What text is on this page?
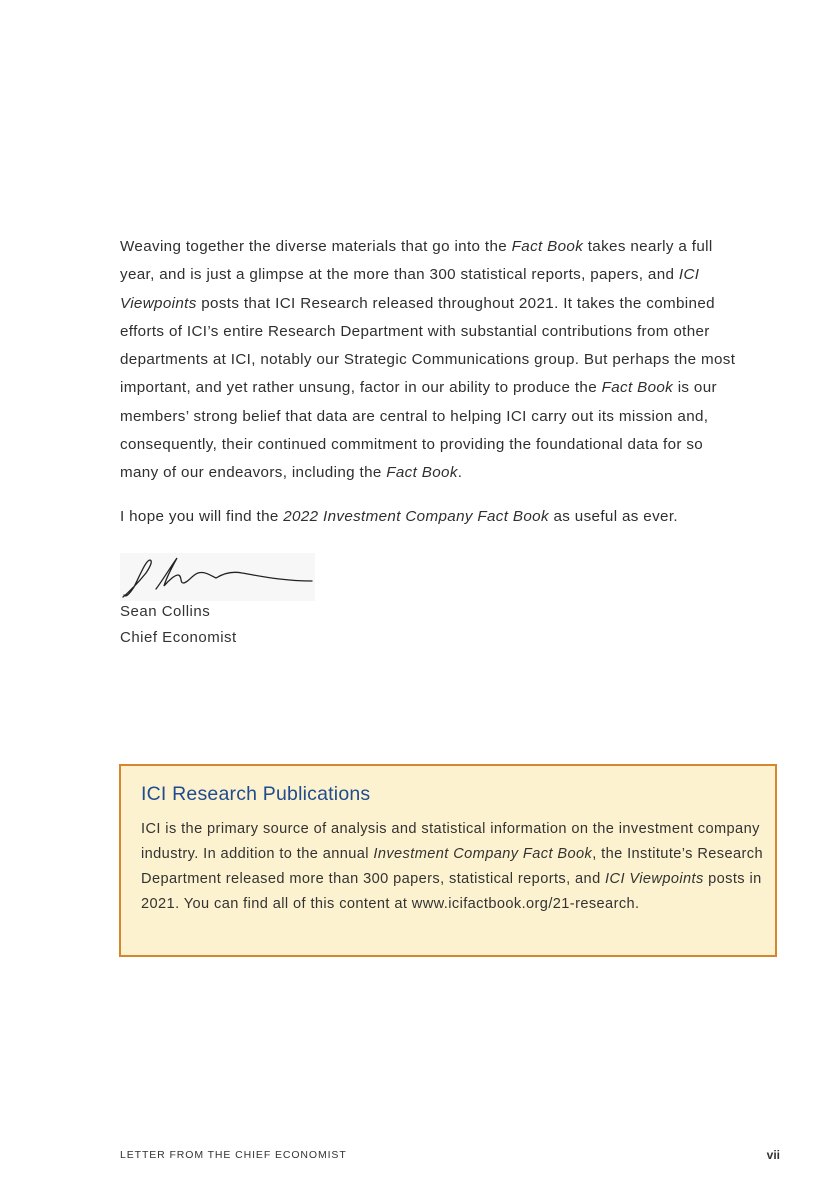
Weaving together the diverse materials that go into the Fact Book takes nearly a full year, and is just a glimpse at the more than 300 statistical reports, papers, and ICI Viewpoints posts that ICI Research released throughout 2021. It takes the combined efforts of ICI’s entire Research Department with substantial contributions from other departments at ICI, notably our Strategic Communications group. But perhaps the most important, and yet rather unsung, factor in our ability to produce the Fact Book is our members’ strong belief that data are central to helping ICI carry out its mission and, consequently, their continued commitment to providing the foundational data for so many of our endeavors, including the Fact Book.

I hope you will find the 2022 Investment Company Fact Book as useful as ever.

Sean Collins
Chief Economist
ICI Research Publications

ICI is the primary source of analysis and statistical information on the investment company industry. In addition to the annual Investment Company Fact Book, the Institute’s Research Department released more than 300 papers, statistical reports, and ICI Viewpoints posts in 2021. You can find all of this content at www.icifactbook.org/21-research.

LETTER FROM THE CHIEF ECONOMIST	vii
